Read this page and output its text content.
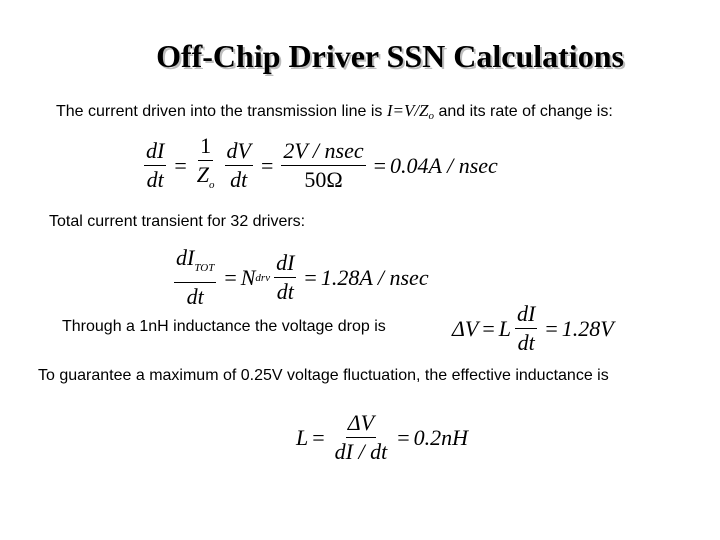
Off-Chip Driver SSN Calculations
The current driven into the transmission line is $I=V/Z_o$ and its rate of change is:
$\frac{dI}{dt} = \frac{1}{Z_o} \frac{dV}{dt} = \frac{2V / nsec}{50\Omega} = 0.04A / nsec$
Total current transient for 32 drivers:
$\frac{dI_{TOT}}{dt} = N$ drv $\frac{dI}{dt} = 1.28A / nsec$
Through a 1nH inductance the voltage drop is	ΔV = L $\frac{dI}{dt} = 1.28V$
To guarantee a maximum of 0.25V voltage fluctuation, the effective inductance is
$L = \frac{\Delta V}{dI / dt} = 0.2nH$
